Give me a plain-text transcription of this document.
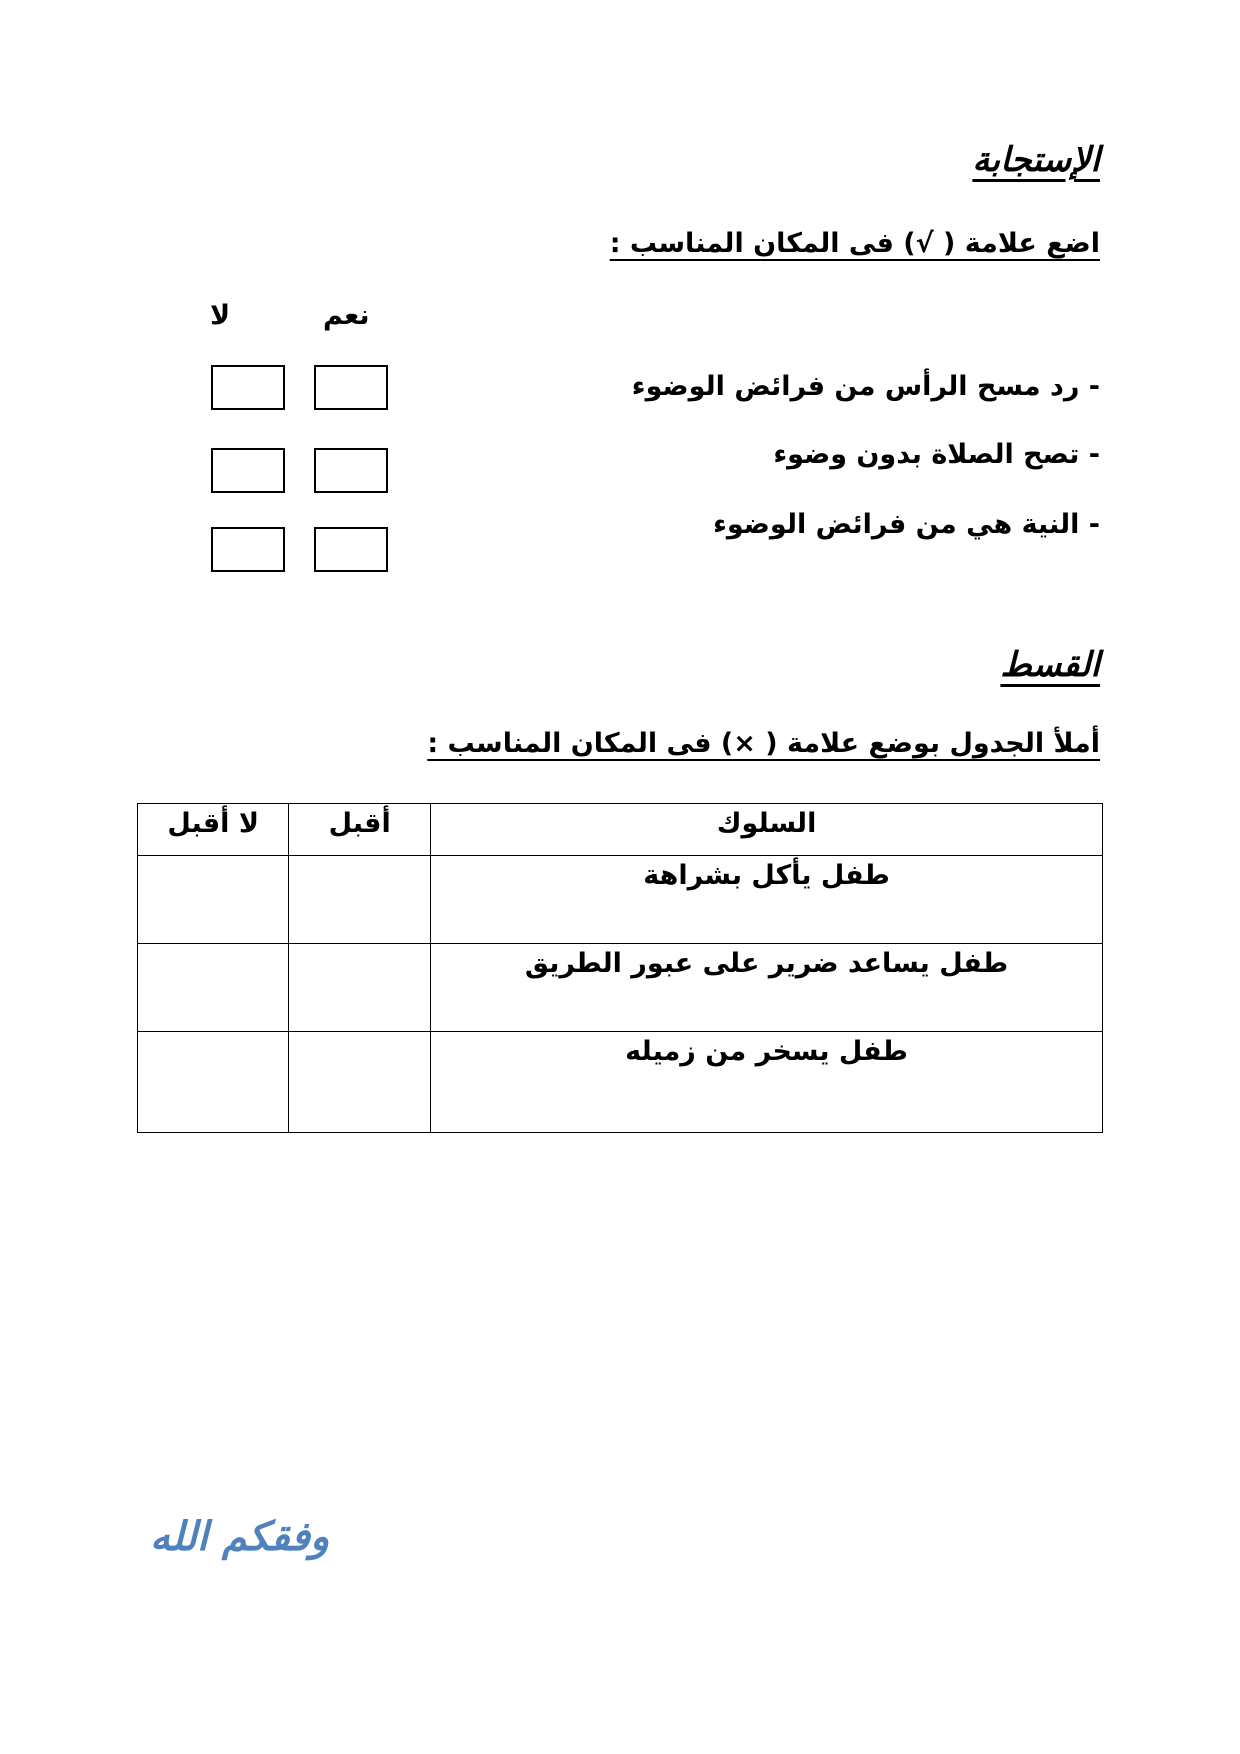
الإستجابة
اضع علامة ( √) فى المكان المناسب :
نعم
لا
- رد مسح الرأس من فرائض الوضوء
- تصح الصلاة بدون وضوء
- النية هي من فرائض الوضوء
القسط
أملأ الجدول بوضع علامة ( ×) فى المكان المناسب :
السلوك	أقبل	لا أقبل
طفل يأكل بشراهة		
طفل يساعد ضرير على عبور الطريق		
طفل يسخر من زميله		
وفقكم الله
